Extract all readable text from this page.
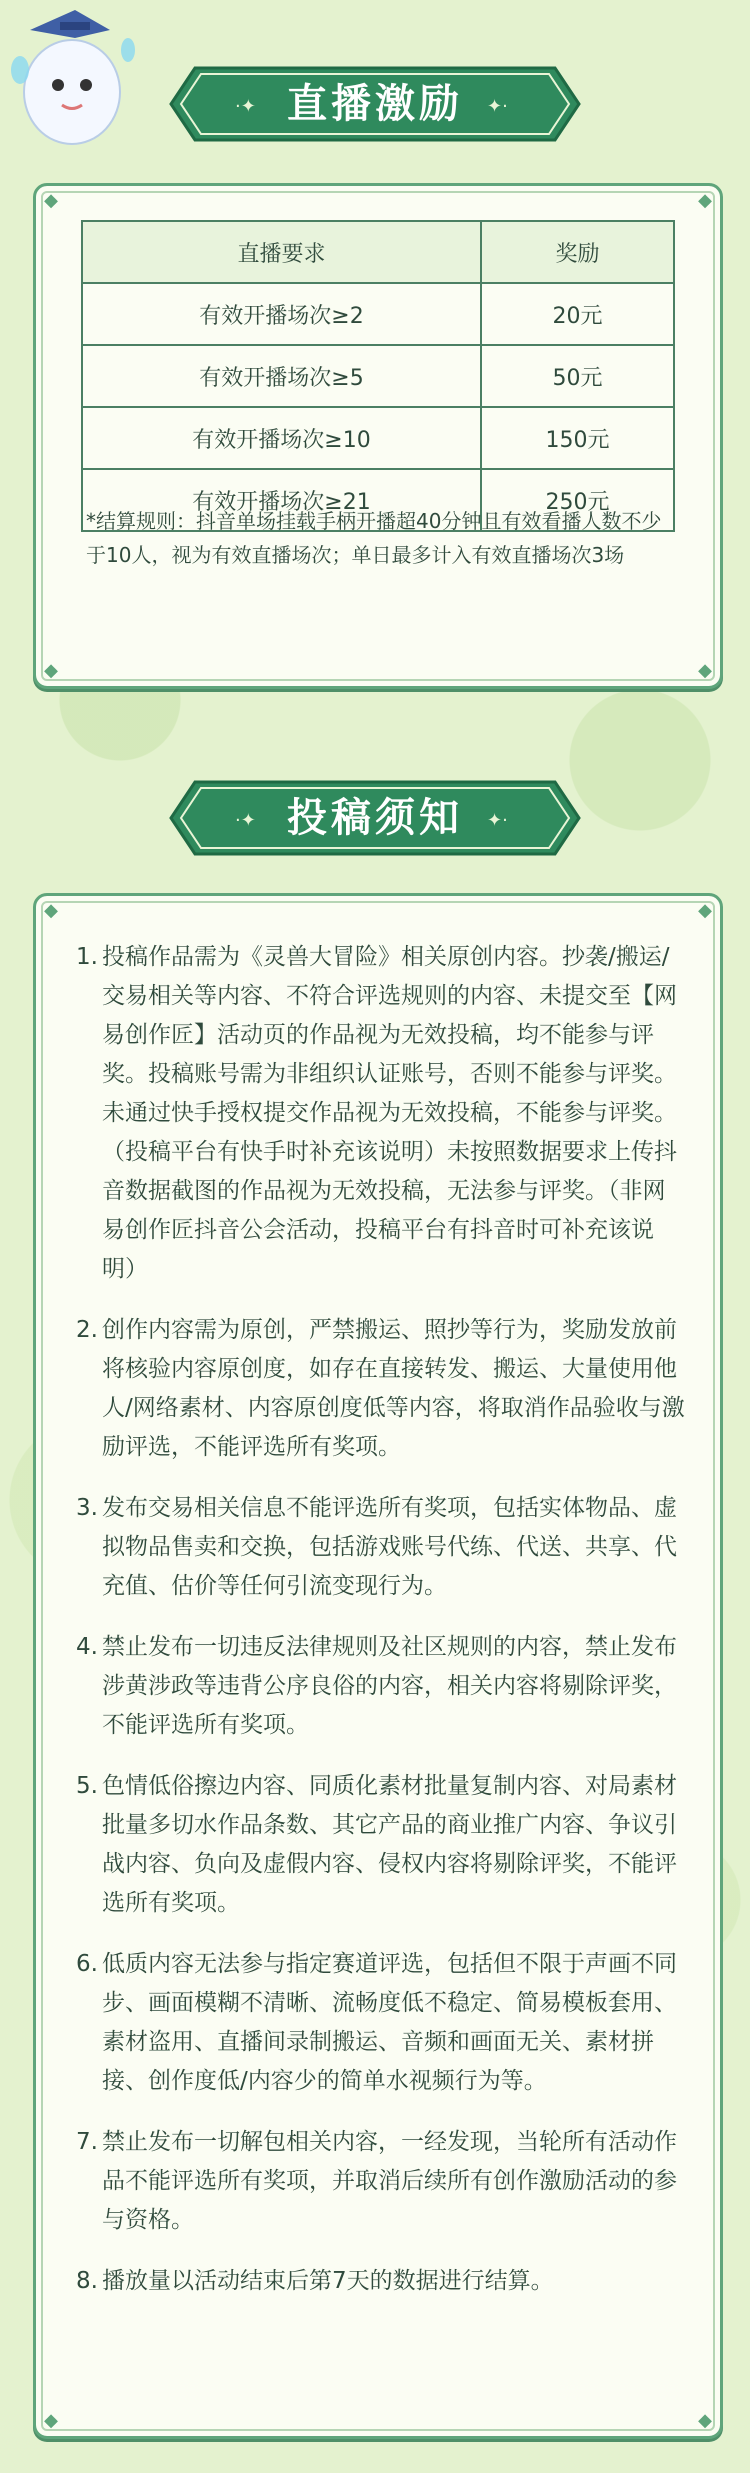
·✦	✦·
直播激励
◆	◆
◆	◆
直播要求	奖励
有效开播场次≥2	20元
有效开播场次≥5	50元
有效开播场次≥10	150元
有效开播场次≥21	250元
*结算规则：抖音单场挂载手柄开播超40分钟且有效看播人数不少于10人，视为有效直播场次；单日最多计入有效直播场次3场
·✦	✦·
投稿须知
◆	◆
◆	◆
1. 投稿作品需为《灵兽大冒险》相关原创内容。抄袭/搬运/交易相关等内容、不符合评选规则的内容、未提交至【网易创作匠】活动页的作品视为无效投稿，均不能参与评奖。投稿账号需为非组织认证账号，否则不能参与评奖。未通过快手授权提交作品视为无效投稿，不能参与评奖。（投稿平台有快手时补充该说明）未按照数据要求上传抖音数据截图的作品视为无效投稿，无法参与评奖。（非网易创作匠抖音公会活动，投稿平台有抖音时可补充该说明）
2. 创作内容需为原创，严禁搬运、照抄等行为，奖励发放前将核验内容原创度，如存在直接转发、搬运、大量使用他人/网络素材、内容原创度低等内容，将取消作品验收与激励评选，不能评选所有奖项。
3. 发布交易相关信息不能评选所有奖项，包括实体物品、虚拟物品售卖和交换，包括游戏账号代练、代送、共享、代充值、估价等任何引流变现行为。
4. 禁止发布一切违反法律规则及社区规则的内容，禁止发布涉黄涉政等违背公序良俗的内容，相关内容将剔除评奖，不能评选所有奖项。
5. 色情低俗擦边内容、同质化素材批量复制内容、对局素材批量多切水作品条数、其它产品的商业推广内容、争议引战内容、负向及虚假内容、侵权内容将剔除评奖，不能评选所有奖项。
6. 低质内容无法参与指定赛道评选，包括但不限于声画不同步、画面模糊不清晰、流畅度低不稳定、简易模板套用、素材盗用、直播间录制搬运、音频和画面无关、素材拼接、创作度低/内容少的简单水视频行为等。
7. 禁止发布一切解包相关内容，一经发现，当轮所有活动作品不能评选所有奖项，并取消后续所有创作激励活动的参与资格。
8. 播放量以活动结束后第7天的数据进行结算。
